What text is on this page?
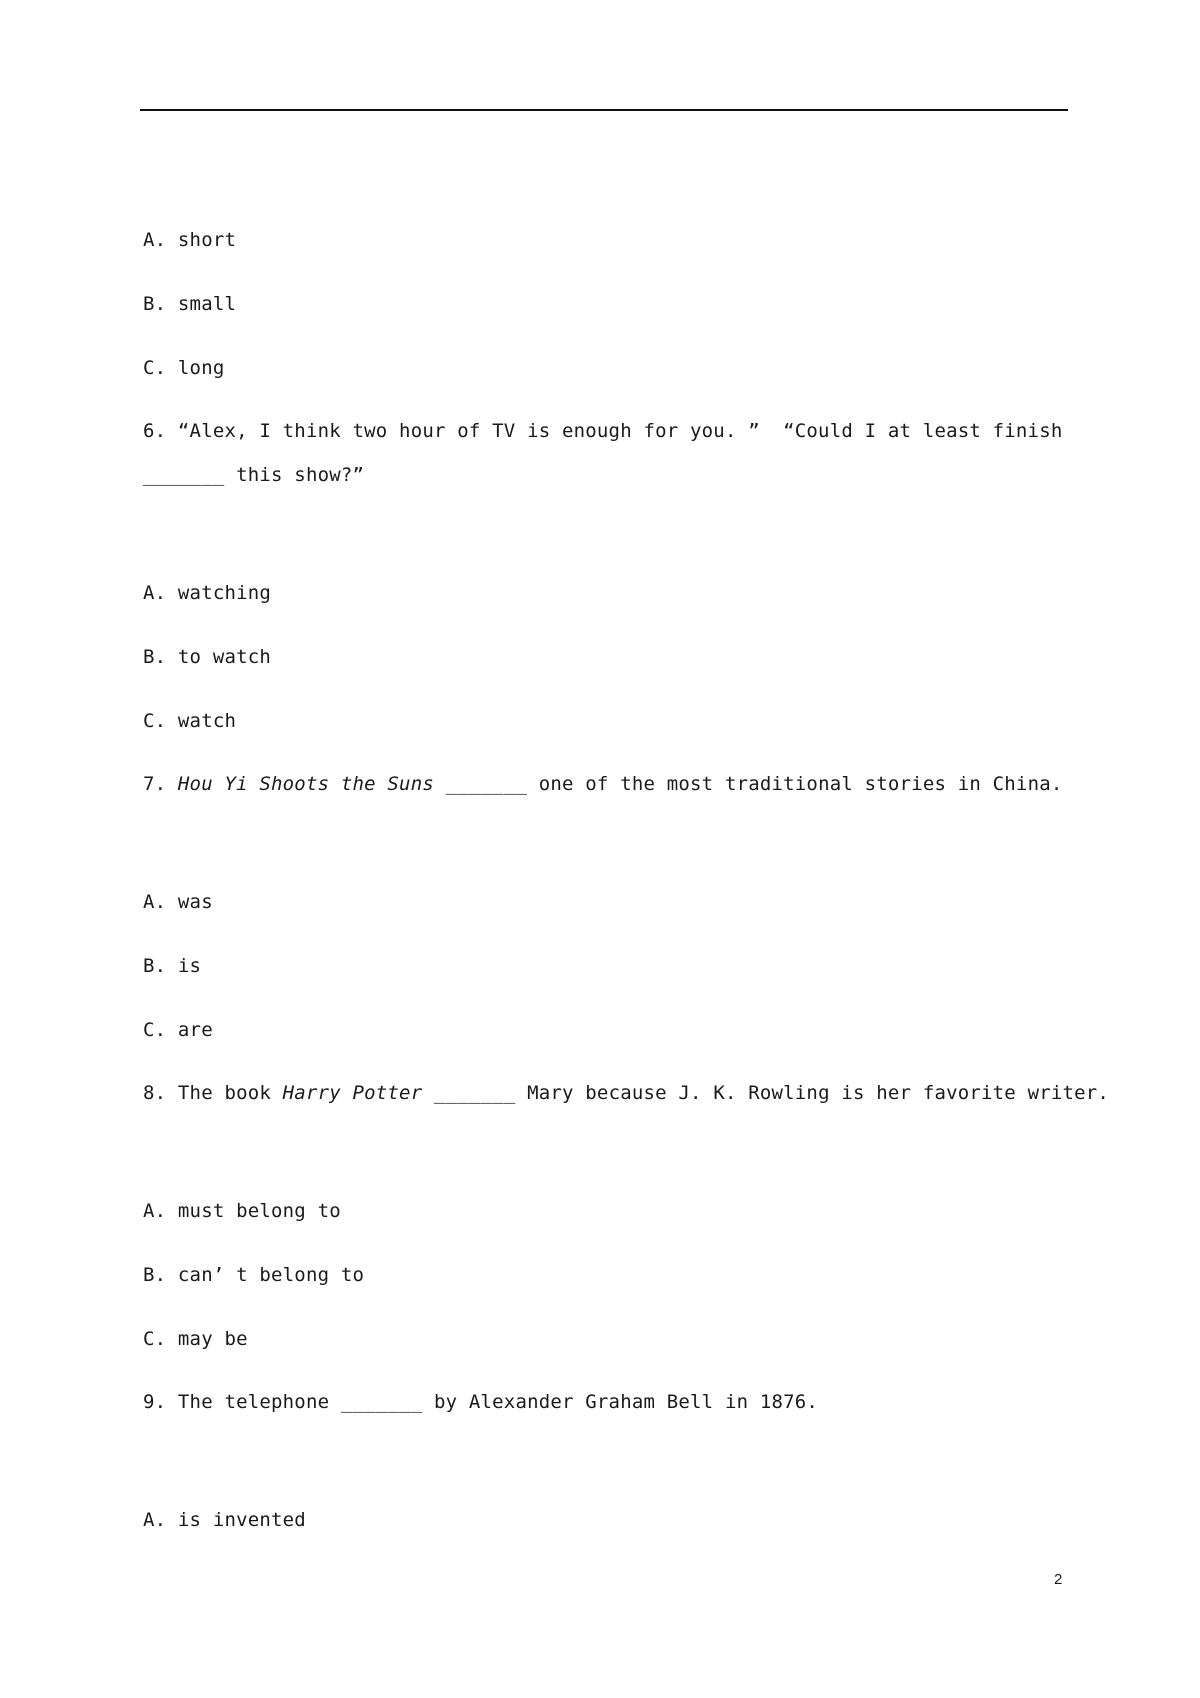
A. short
B. small
C. long
6. “Alex, I think two hour of TV is enough for you. ”  “Could I at least finish
_______ this show?”
A. watching
B. to watch
C. watch
7. Hou Yi Shoots the Suns _______ one of the most traditional stories in China.
A. was
B. is
C. are
8. The book Harry Potter _______ Mary because J. K. Rowling is her favorite writer.
A. must belong to
B. can’ t belong to
C. may be
9. The telephone _______ by Alexander Graham Bell in 1876.
A. is invented
2
